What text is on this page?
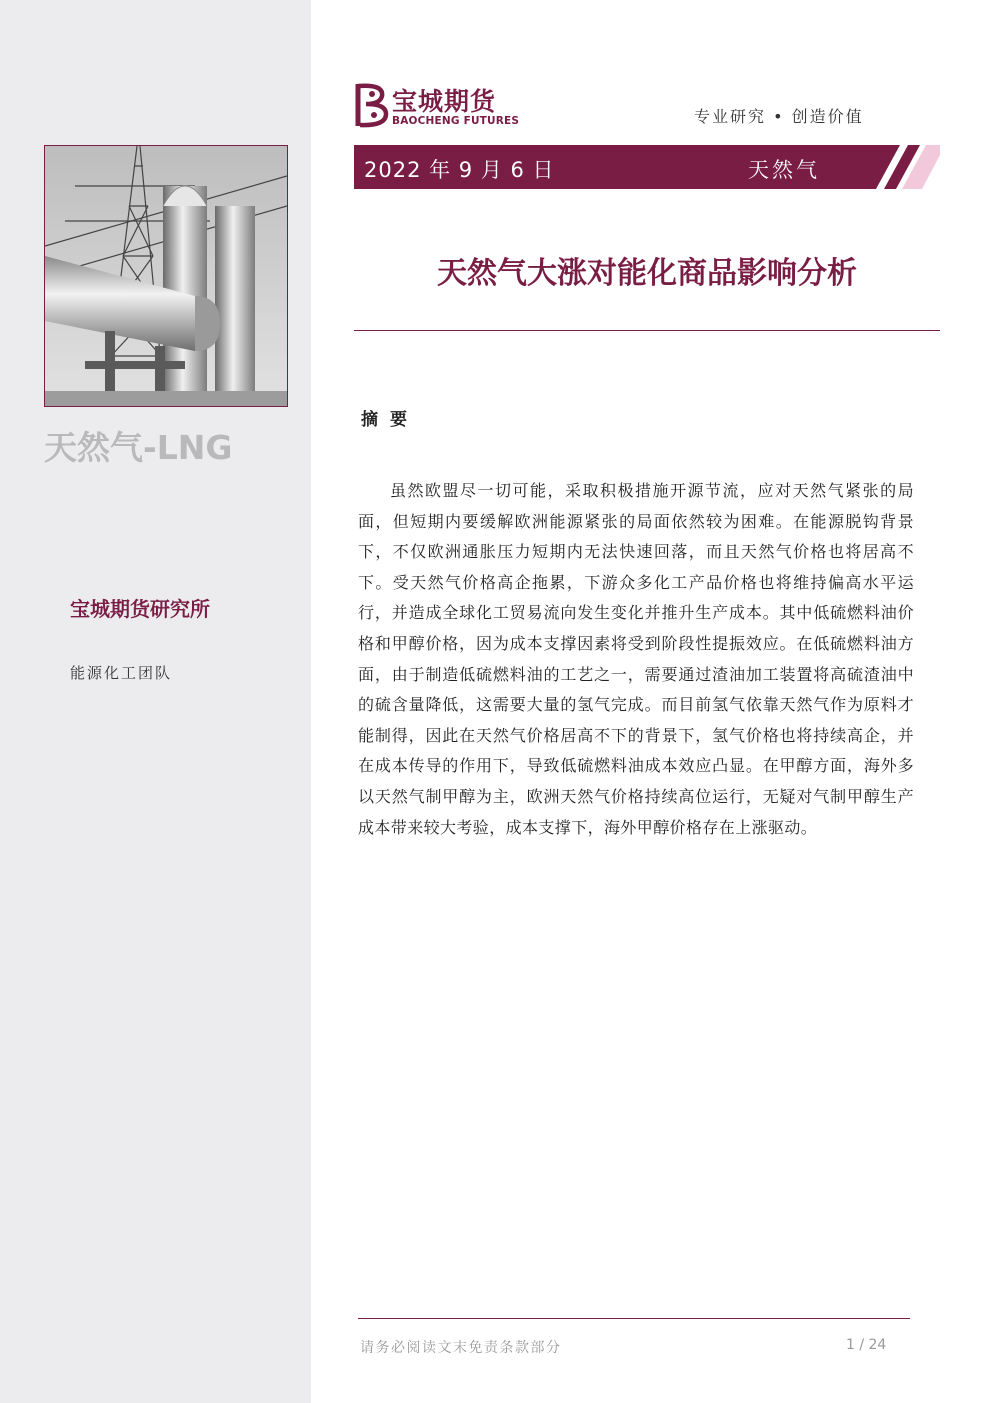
天然气-LNG
宝城期货研究所
能源化工团队
宝城期货
BAOCHENG FUTURES	专业研究 • 创造价值
2022 年 9 月 6 日	天然气
天然气大涨对能化商品影响分析
摘要
虽然欧盟尽一切可能，采取积极措施开源节流，应对天然气紧张的局面，但短期内要缓解欧洲能源紧张的局面依然较为困难。在能源脱钩背景下，不仅欧洲通胀压力短期内无法快速回落，而且天然气价格也将居高不下。受天然气价格高企拖累，下游众多化工产品价格也将维持偏高水平运行，并造成全球化工贸易流向发生变化并推升生产成本。其中低硫燃料油价格和甲醇价格，因为成本支撑因素将受到阶段性提振效应。在低硫燃料油方面，由于制造低硫燃料油的工艺之一，需要通过渣油加工装置将高硫渣油中的硫含量降低，这需要大量的氢气完成。而目前氢气依靠天然气作为原料才能制得，因此在天然气价格居高不下的背景下，氢气价格也将持续高企，并在成本传导的作用下，导致低硫燃料油成本效应凸显。在甲醇方面，海外多以天然气制甲醇为主，欧洲天然气价格持续高位运行，无疑对气制甲醇生产成本带来较大考验，成本支撑下，海外甲醇价格存在上涨驱动。
请务必阅读文末免责条款部分	1 / 24
